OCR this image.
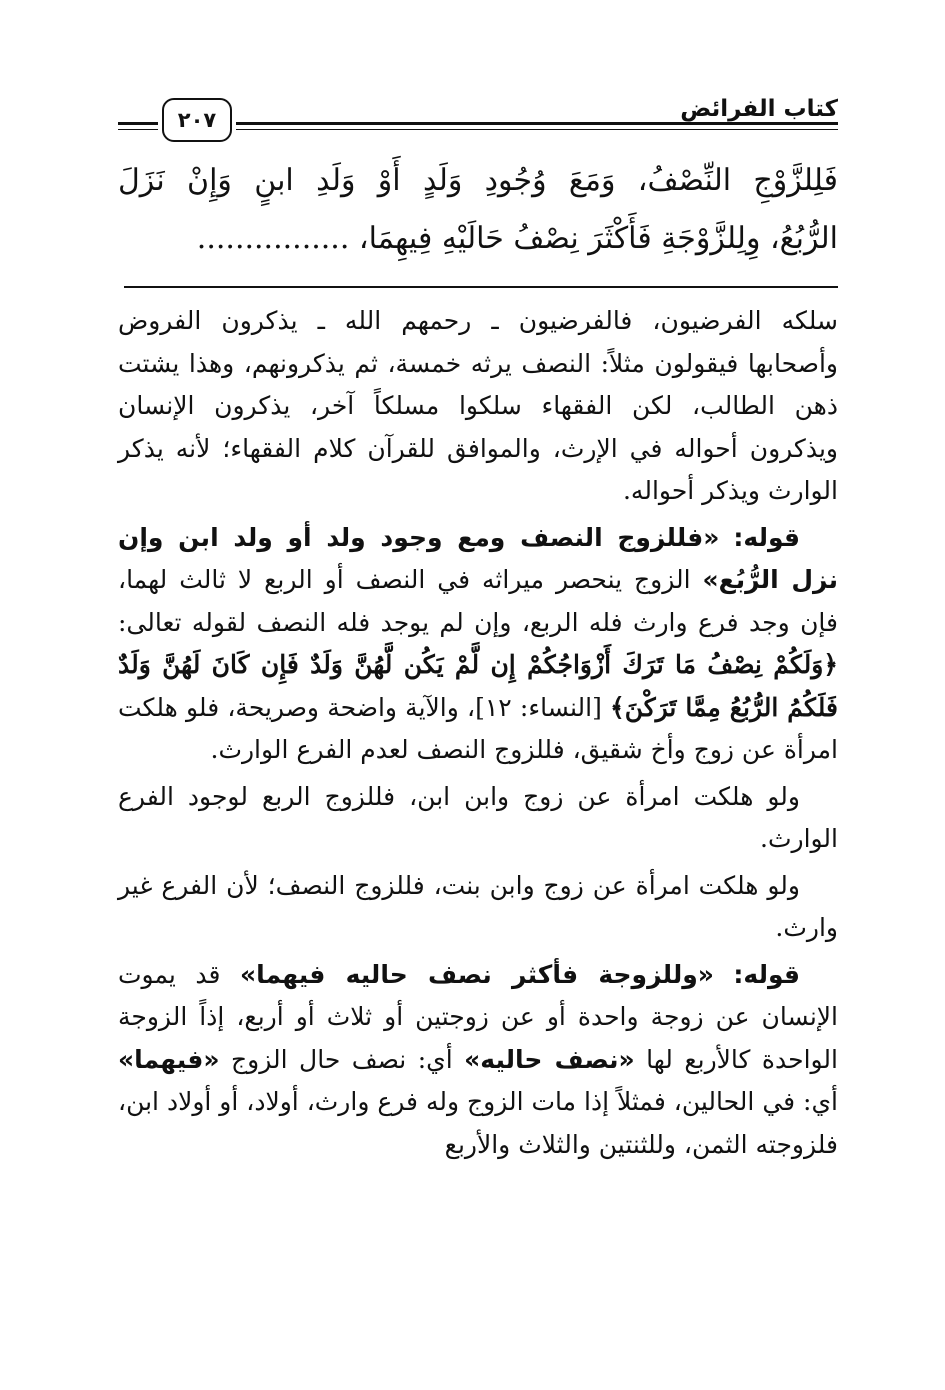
كتاب الفرائض
٢٠٧

فَلِلزَّوْجِ النِّصْفُ، وَمَعَ وُجُودِ وَلَدٍ أَوْ وَلَدِ ابنٍ وَإِنْ نَزَلَ

الرُّبُعُ، وِلِلزَّوْجَةِ فَأَكْثَرَ نِصْفُ حَالَيْهِ فِيهِمَا، ................

سلكه الفرضيون، فالفرضيون ـ رحمهم الله ـ يذكرون الفروض وأصحابها فيقولون مثلاً: النصف يرثه خمسة، ثم يذكرونهم، وهذا يشتت ذهن الطالب، لكن الفقهاء سلكوا مسلكاً آخر، يذكرون الإنسان ويذكرون أحواله في الإرث، والموافق للقرآن كلام الفقهاء؛ لأنه يذكر الوارث ويذكر أحواله.

قوله: «فللزوج النصف ومع وجود ولد أو ولد ابن وإن نزل الرُّبُع» الزوج ينحصر ميراثه في النصف أو الربع لا ثالث لهما، فإن وجد فرع وارث فله الربع، وإن لم يوجد فله النصف لقوله تعالى: ﴿وَلَكُمْ نِصْفُ مَا تَرَكَ أَزْوَاجُكُمْ إِن لَّمْ يَكُن لَّهُنَّ وَلَدٌ فَإِن كَانَ لَهُنَّ وَلَدٌ فَلَكُمُ الرُّبُعُ مِمَّا تَرَكْنَ﴾ [النساء: ١٢]، والآية واضحة وصريحة، فلو هلكت امرأة عن زوج وأخ شقيق، فللزوج النصف لعدم الفرع الوارث.

ولو هلكت امرأة عن زوج وابن ابن، فللزوج الربع لوجود الفرع الوارث.

ولو هلكت امرأة عن زوج وابن بنت، فللزوج النصف؛ لأن الفرع غير وارث.

قوله: «وللزوجة فأكثر نصف حاليه فيهما» قد يموت الإنسان عن زوجة واحدة أو عن زوجتين أو ثلاث أو أربع، إذاً الزوجة الواحدة كالأربع لها «نصف حاليه» أي: نصف حال الزوج «فيهما» أي: في الحالين، فمثلاً إذا مات الزوج وله فرع وارث، أولاد، أو أولاد ابن، فلزوجته الثمن، وللثنتين والثلاث والأربع
